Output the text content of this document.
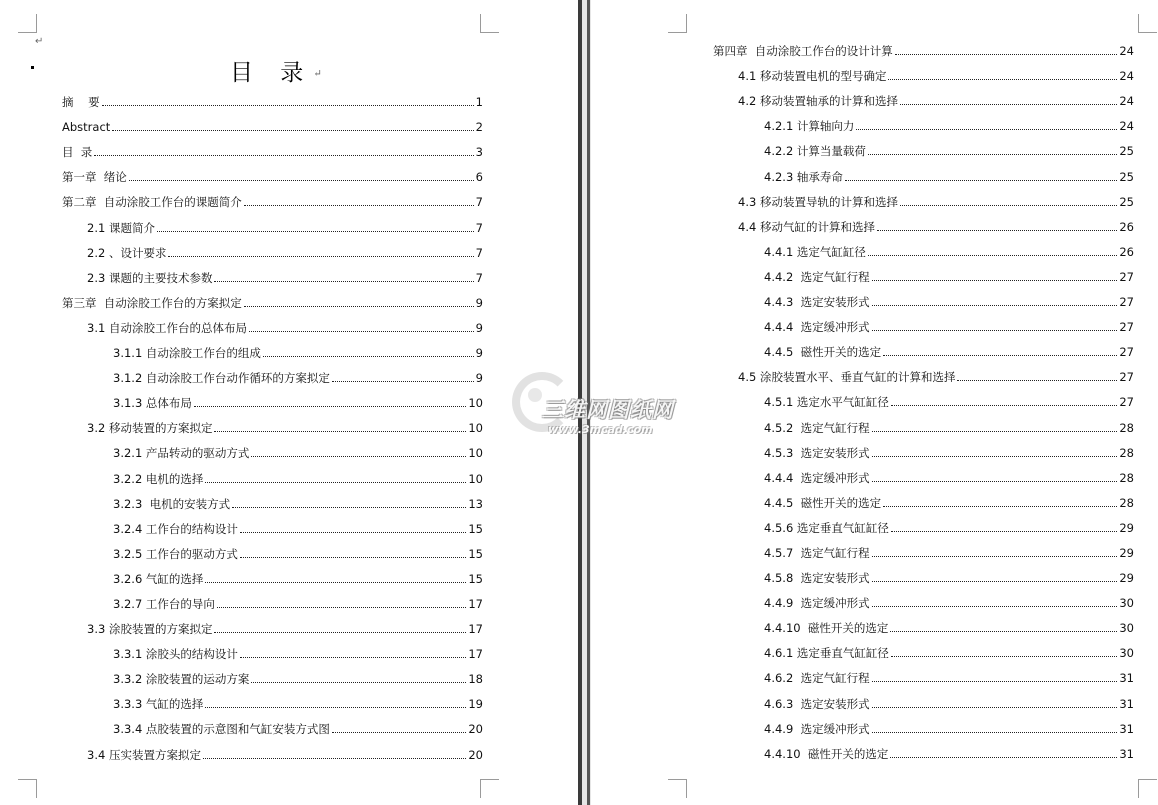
↵
目 录↵
摘    要	1
Abstract	2
目  录	3
第一章  绪论	6
第二章  自动涂胶工作台的课题简介	7
2.1 课题简介	7
2.2 、设计要求	7
2.3 课题的主要技术参数	7
第三章  自动涂胶工作台的方案拟定	9
3.1 自动涂胶工作台的总体布局	9
3.1.1 自动涂胶工作台的组成	9
3.1.2 自动涂胶工作台动作循环的方案拟定	9
3.1.3 总体布局	10
3.2 移动装置的方案拟定	10
3.2.1 产品转动的驱动方式	10
3.2.2 电机的选择	10
3.2.3  电机的安装方式	13
3.2.4 工作台的结构设计	15
3.2.5 工作台的驱动方式	15
3.2.6 气缸的选择	15
3.2.7 工作台的导向	17
3.3 涂胶装置的方案拟定	17
3.3.1 涂胶头的结构设计	17
3.3.2 涂胶装置的运动方案	18
3.3.3 气缸的选择	19
3.3.4 点胶装置的示意图和气缸安装方式图	20
3.4 压实装置方案拟定	20
第四章  自动涂胶工作台的设计计算	24
4.1 移动装置电机的型号确定	24
4.2 移动装置轴承的计算和选择	24
4.2.1 计算轴向力	24
4.2.2 计算当量载荷	25
4.2.3 轴承寿命	25
4.3 移动装置导轨的计算和选择	25
4.4 移动气缸的计算和选择	26
4.4.1 选定气缸缸径	26
4.4.2  选定气缸行程	27
4.4.3  选定安装形式	27
4.4.4  选定缓冲形式	27
4.4.5  磁性开关的选定	27
4.5 涂胶装置水平、垂直气缸的计算和选择	27
4.5.1 选定水平气缸缸径	27
4.5.2  选定气缸行程	28
4.5.3  选定安装形式	28
4.4.4  选定缓冲形式	28
4.4.5  磁性开关的选定	28
4.5.6 选定垂直气缸缸径	29
4.5.7  选定气缸行程	29
4.5.8  选定安装形式	29
4.4.9  选定缓冲形式	30
4.4.10  磁性开关的选定	30
4.6.1 选定垂直气缸缸径	30
4.6.2  选定气缸行程	31
4.6.3  选定安装形式	31
4.4.9  选定缓冲形式	31
4.4.10  磁性开关的选定	31
三维网图纸网
www.3mcad.com
